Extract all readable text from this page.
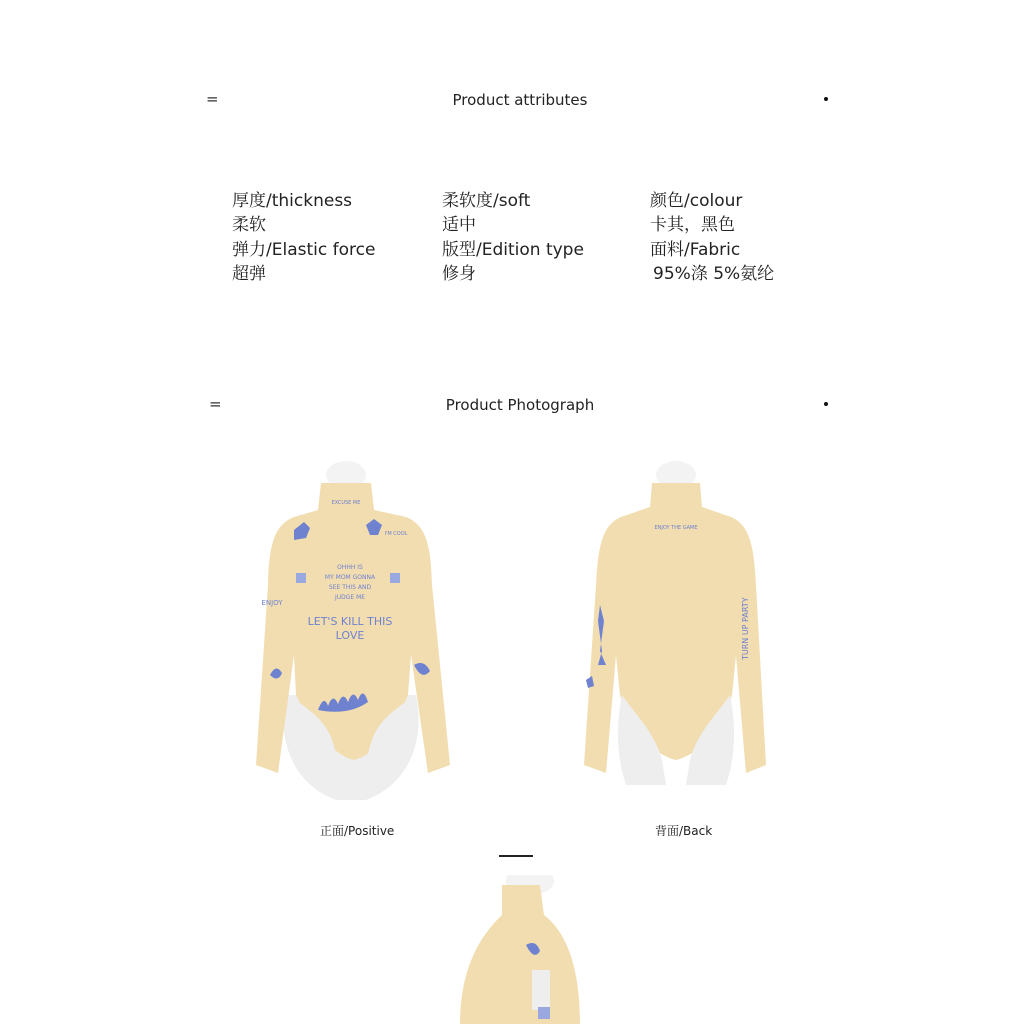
=	Product attributes
厚度/thickness
柔软
弹力/Elastic force
超弹
柔软度/soft
适中
版型/Edition type
修身
颜色/colour
卡其，黑色
面料/Fabric
95%涤 5%氨纶
=	Product Photograph
EXCUSE ME
I'M COOL
OHHH IS
MY MOM GONNA
SEE THIS AND
JUDGE ME
LET'S KILL THIS
LOVE
ENJOY
正面/Positive
ENJOY THE GAME
TURN UP PARTY
背面/Back
